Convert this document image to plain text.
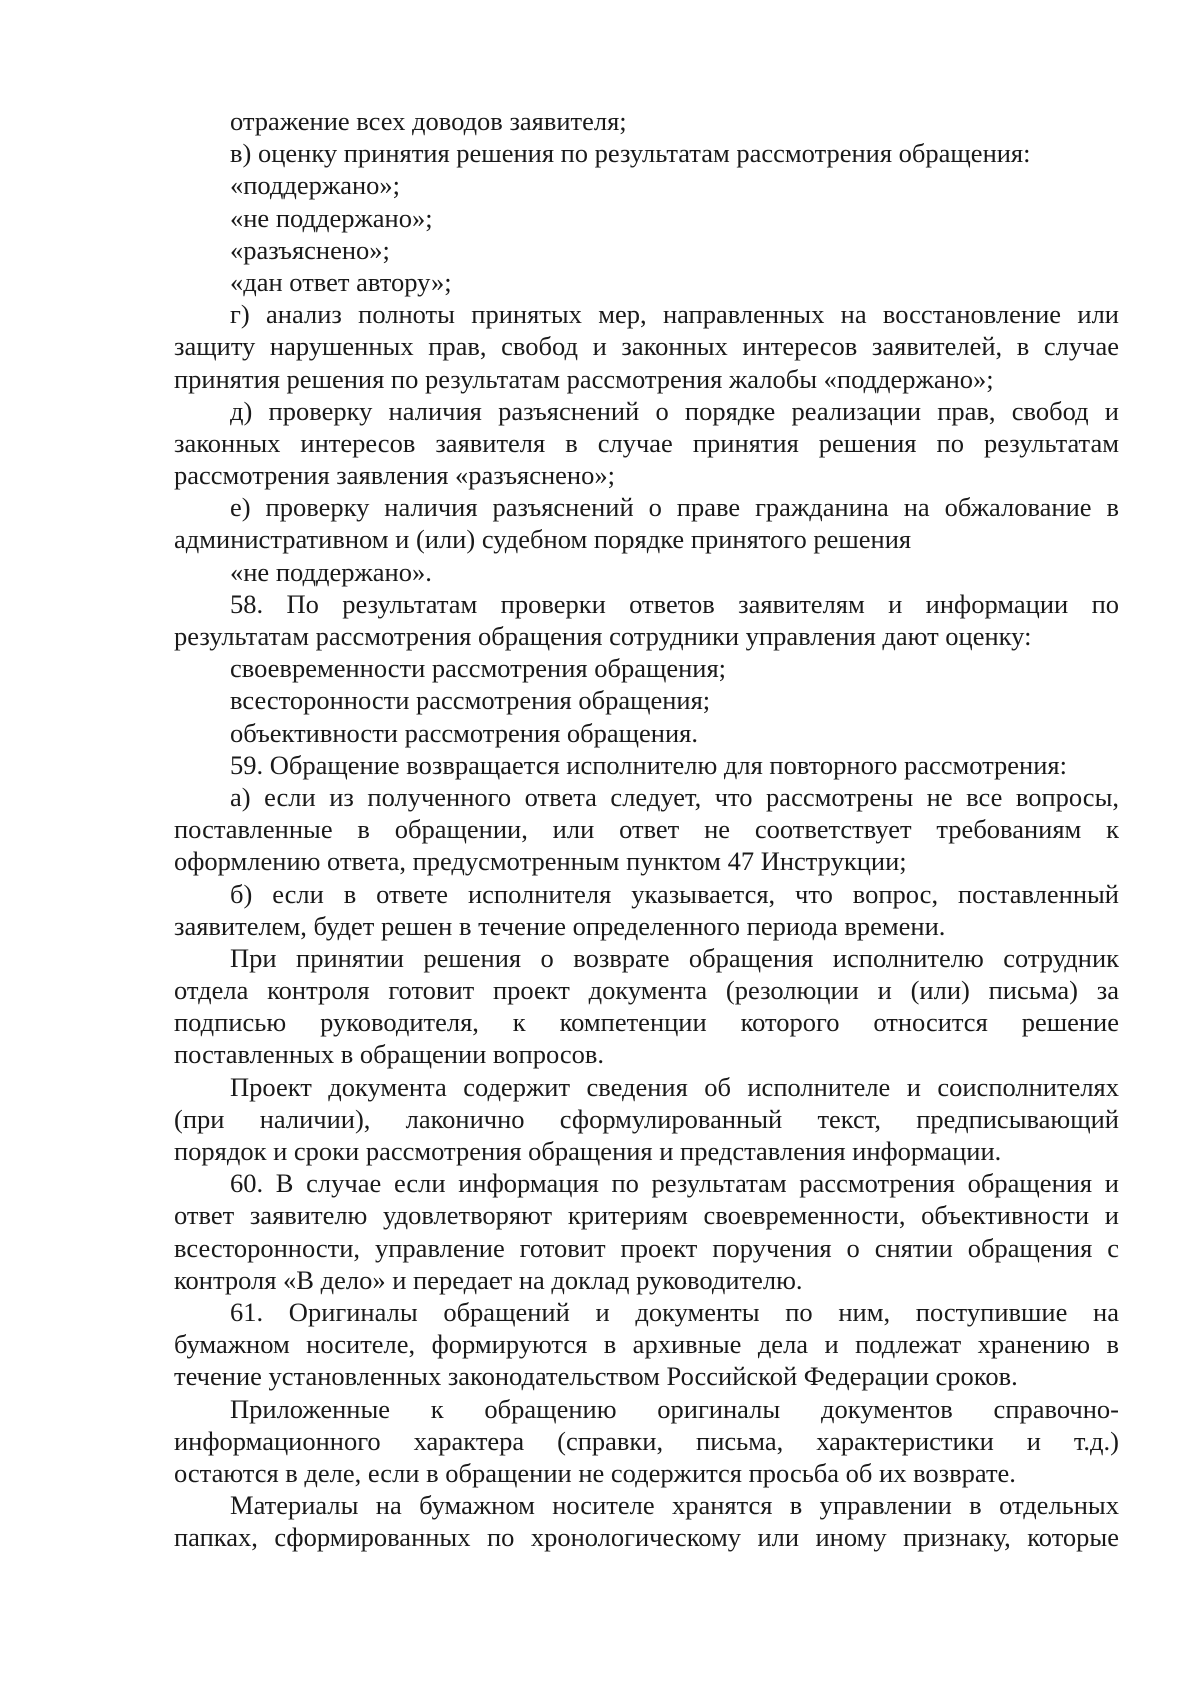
отражение всех доводов заявителя;
в) оценку принятия решения по результатам рассмотрения обращения:
«поддержано»;
«не поддержано»;
«разъяснено»;
«дан ответ автору»;
г) анализ полноты принятых мер, направленных на восстановление или
защиту нарушенных прав, свобод и законных интересов заявителей, в случае
принятия решения по результатам рассмотрения жалобы «поддержано»;
д) проверку наличия разъяснений о порядке реализации прав, свобод и
законных интересов заявителя в случае принятия решения по результатам
рассмотрения заявления «разъяснено»;
е) проверку наличия разъяснений о праве гражданина на обжалование в
административном и (или) судебном порядке принятого решения
«не поддержано».
58. По результатам проверки ответов заявителям и информации по
результатам рассмотрения обращения сотрудники управления дают оценку:
своевременности рассмотрения обращения;
всесторонности рассмотрения обращения;
объективности рассмотрения обращения.
59. Обращение возвращается исполнителю для повторного рассмотрения:
а) если из полученного ответа следует, что рассмотрены не все вопросы,
поставленные в обращении, или ответ не соответствует требованиям к
оформлению ответа, предусмотренным пунктом 47 Инструкции;
б) если в ответе исполнителя указывается, что вопрос, поставленный
заявителем, будет решен в течение определенного периода времени.
При принятии решения о возврате обращения исполнителю сотрудник
отдела контроля готовит проект документа (резолюции и (или) письма) за
подписью руководителя, к компетенции которого относится решение
поставленных в обращении вопросов.
Проект документа содержит сведения об исполнителе и соисполнителях
(при наличии), лаконично сформулированный текст, предписывающий
порядок и сроки рассмотрения обращения и представления информации.
60. В случае если информация по результатам рассмотрения обращения и
ответ заявителю удовлетворяют критериям своевременности, объективности и
всесторонности, управление готовит проект поручения о снятии обращения с
контроля «В дело» и передает на доклад руководителю.
61. Оригиналы обращений и документы по ним, поступившие на
бумажном носителе, формируются в архивные дела и подлежат хранению в
течение установленных законодательством Российской Федерации сроков.
Приложенные к обращению оригиналы документов справочно-
информационного характера (справки, письма, характеристики и т.д.)
остаются в деле, если в обращении не содержится просьба об их возврате.
Материалы на бумажном носителе хранятся в управлении в отдельных
папках, сформированных по хронологическому или иному признаку, которые
